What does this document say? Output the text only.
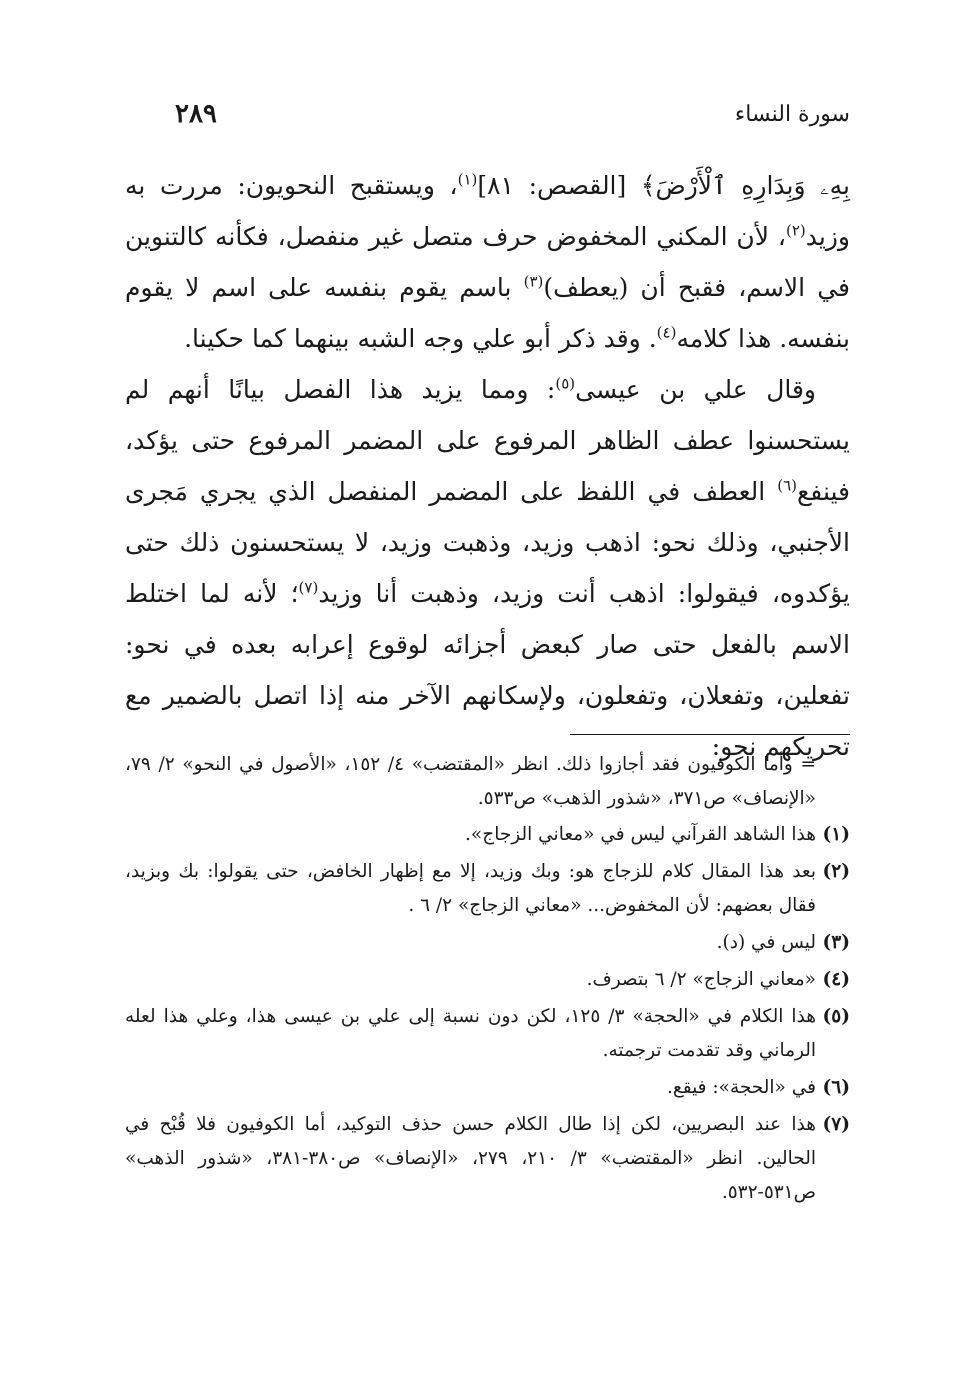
سورة النساء
٢٨٩

بِهِۦ وَبِدَارِهِ ٱلْأَرْضَ﴾ [القصص: ٨١]$^{(١)}$، ويستقبح النحويون: مررت به وزيد$^{(٢)}$، لأن المكني المخفوض حرف متصل غير منفصل، فكأنه كالتنوين في الاسم، فقبح أن (يعطف)$^{(٣)}$ باسم يقوم بنفسه على اسم لا يقوم بنفسه. هذا كلامه$^{(٤)}$. وقد ذكر أبو علي وجه الشبه بينهما كما حكينا.

وقال علي بن عيسى$^{(٥)}$: ومما يزيد هذا الفصل بيانًا أنهم لم يستحسنوا عطف الظاهر المرفوع على المضمر المرفوع حتى يؤكد، فينفع$^{(٦)}$ العطف في اللفظ على المضمر المنفصل الذي يجري مَجرى الأجنبي، وذلك نحو: اذهب وزيد، وذهبت وزيد، لا يستحسنون ذلك حتى يؤكدوه، فيقولوا: اذهب أنت وزيد، وذهبت أنا وزيد$^{(٧)}$؛ لأنه لما اختلط الاسم بالفعل حتى صار كبعض أجزائه لوقوع إعرابه بعده في نحو: تفعلين، وتفعلان، وتفعلون، ولإسكانهم الآخر منه إذا اتصل بالضمير مع تحريكهم نحو:

= وأما الكوفيون فقد أجازوا ذلك. انظر «المقتضب» ٤/ ١٥٢، «الأصول في النحو» ٢/ ٧٩، «الإنصاف» ص٣٧١، «شذور الذهب» ص٥٣٣.

(١)
هذا الشاهد القرآني ليس في «معاني الزجاج».
(٢)
بعد هذا المقال كلام للزجاج هو: وبك وزيد، إلا مع إظهار الخافض، حتى يقولوا: بك وبزيد، فقال بعضهم: لأن المخفوض... «معاني الزجاج» ٢/ ٦ .
(٣)
ليس في (د).
(٤)
«معاني الزجاج» ٢/ ٦ بتصرف.
(٥)
هذا الكلام في «الحجة» ٣/ ١٢٥، لكن دون نسبة إلى علي بن عيسى هذا، وعلي هذا لعله الرماني وقد تقدمت ترجمته.
(٦)
في «الحجة»: فيقع.
(٧)
هذا عند البصريين، لكن إذا طال الكلام حسن حذف التوكيد، أما الكوفيون فلا قُبْح في الحالين. انظر «المقتضب» ٣/ ٢١٠، ٢٧٩، «الإنصاف» ص٣٨٠-٣٨١، «شذور الذهب» ص٥٣١-٥٣٢.
